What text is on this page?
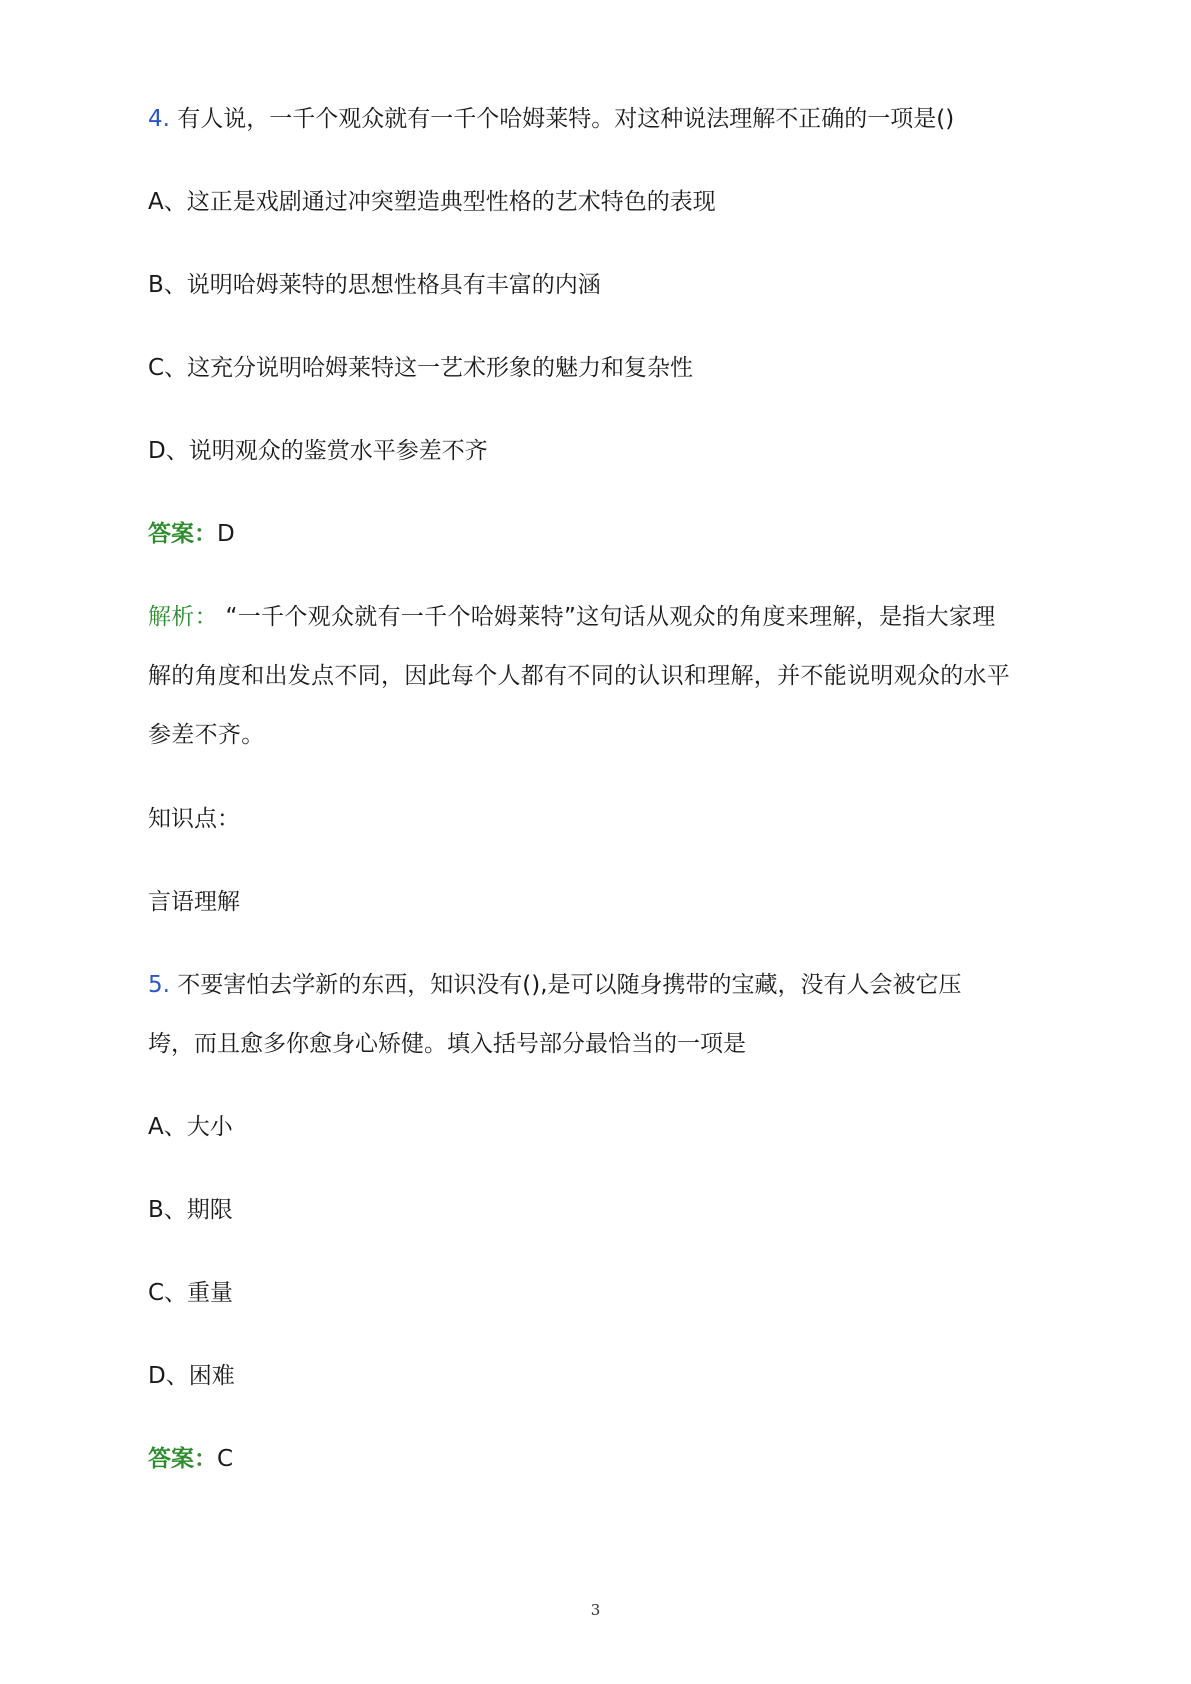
4. 有人说，一千个观众就有一千个哈姆莱特。对这种说法理解不正确的一项是()
A、这正是戏剧通过冲突塑造典型性格的艺术特色的表现
B、说明哈姆莱特的思想性格具有丰富的内涵
C、这充分说明哈姆莱特这一艺术形象的魅力和复杂性
D、说明观众的鉴赏水平参差不齐
答案：D
解析： “一千个观众就有一千个哈姆莱特”这句话从观众的角度来理解，是指大家理
解的角度和出发点不同，因此每个人都有不同的认识和理解，并不能说明观众的水平
参差不齐。
知识点：
言语理解
5. 不要害怕去学新的东西，知识没有(),是可以随身携带的宝藏，没有人会被它压
垮，而且愈多你愈身心矫健。填入括号部分最恰当的一项是
A、大小
B、期限
C、重量
D、困难
答案：C
3
